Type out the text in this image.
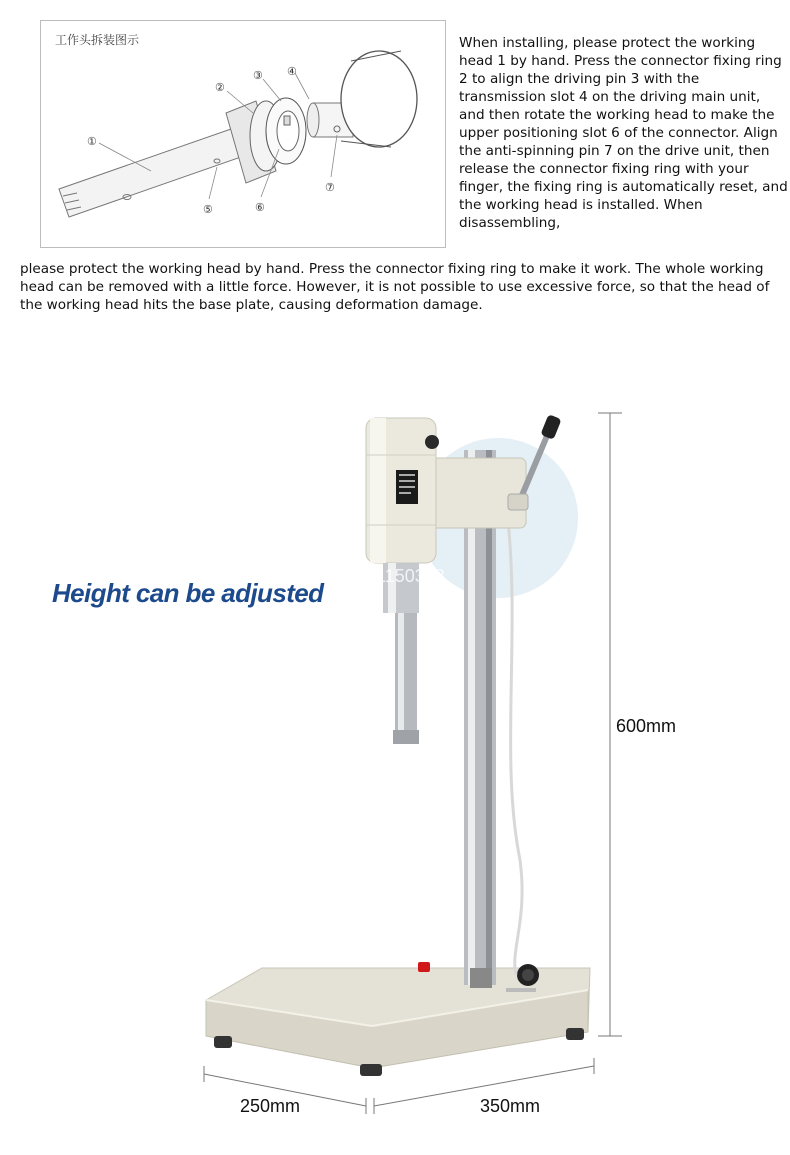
工作头拆装图示
①
②
③ ④
⑤	⑥
⑦

When installing, please protect the working head 1 by hand. Press the connector fixing ring 2 to align the driving pin 3 with the transmission slot 4 on the driving main unit, and then rotate the working head to make the upper positioning slot 6 of the connector. Align the anti-spinning pin 7 on the drive unit, then release the connector fixing ring with your finger, the fixing ring is automatically reset, and the working head is installed. When disassembling,

please protect the working head by hand. Press the connector fixing ring to make it work. The whole working head can be removed with a little force. However, it is not possible to use excessive force, so that the head of the working head hits the base plate, causing deformation damage.

Store No.: 1150358

Height can be adjusted

600mm
250mm	350mm
